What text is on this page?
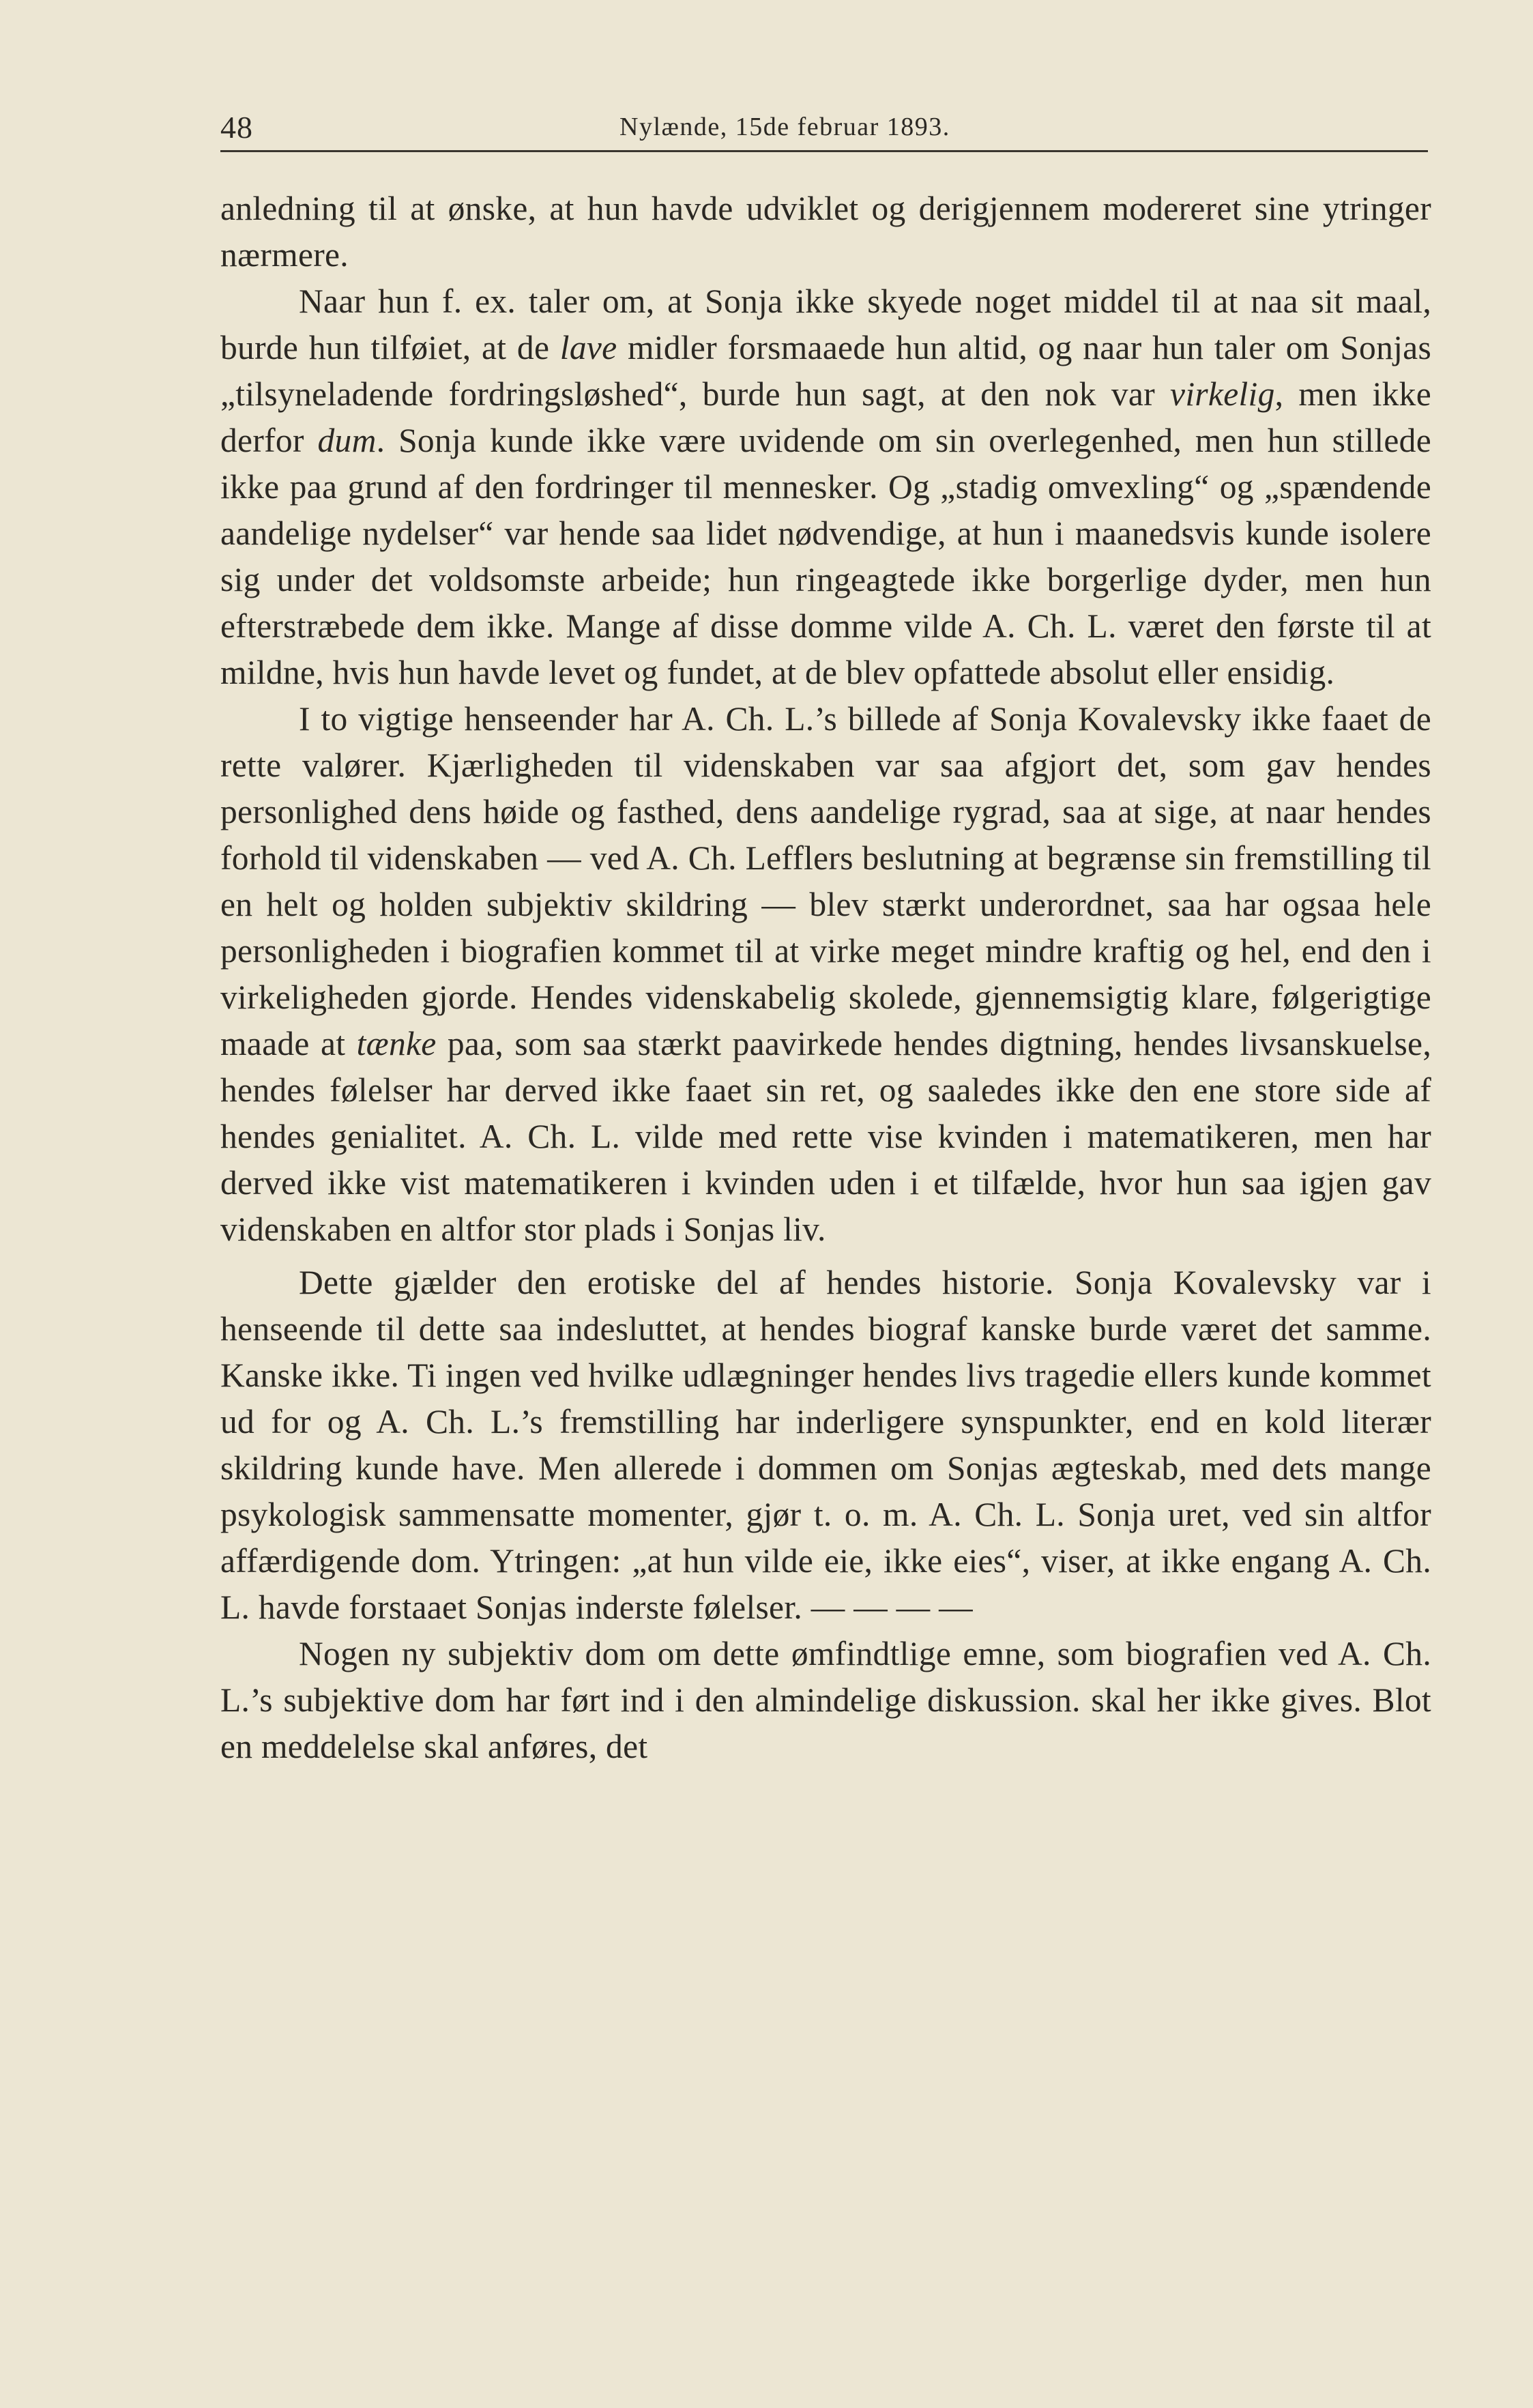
48	Nylænde, 15de februar 1893.

anledning til at ønske, at hun havde udviklet og derigjennem modereret sine ytringer nærmere.

Naar hun f. ex. taler om, at Sonja ikke skyede noget middel til at naa sit maal, burde hun tilføiet, at de lave midler forsmaaede hun altid, og naar hun taler om Sonjas „tilsyneladende fordringsløshed“, burde hun sagt, at den nok var virkelig, men ikke derfor dum. Sonja kunde ikke være uvidende om sin overlegenhed, men hun stillede ikke paa grund af den fordringer til mennesker. Og „stadig omvexling“ og „spændende aandelige nydelser“ var hende saa lidet nødvendige, at hun i maanedsvis kunde isolere sig under det voldsomste arbeide; hun ringeagtede ikke borgerlige dyder, men hun efterstræbede dem ikke. Mange af disse domme vilde A. Ch. L. været den første til at mildne, hvis hun havde levet og fundet, at de blev opfattede absolut eller ensidig.

I to vigtige henseender har A. Ch. L.’s billede af Sonja Kovalevsky ikke faaet de rette valører. Kjærligheden til videnskaben var saa afgjort det, som gav hendes personlighed dens høide og fasthed, dens aandelige rygrad, saa at sige, at naar hendes forhold til videnskaben — ved A. Ch. Lefflers beslutning at begrænse sin fremstilling til en helt og holden subjektiv skildring — blev stærkt underordnet, saa har ogsaa hele personligheden i biografien kommet til at virke meget mindre kraftig og hel, end den i virkeligheden gjorde. Hendes videnskabelig skolede, gjennemsigtig klare, følgerigtige maade at tænke paa, som saa stærkt paavirkede hendes digtning, hendes livsanskuelse, hendes følelser har derved ikke faaet sin ret, og saaledes ikke den ene store side af hendes genialitet. A. Ch. L. vilde med rette vise kvinden i matematikeren, men har derved ikke vist matematikeren i kvinden uden i et tilfælde, hvor hun saa igjen gav videnskaben en altfor stor plads i Sonjas liv.

Dette gjælder den erotiske del af hendes historie. Sonja Kovalevsky var i henseende til dette saa indesluttet, at hendes biograf kanske burde været det samme. Kanske ikke. Ti ingen ved hvilke udlægninger hendes livs tragedie ellers kunde kommet ud for og A. Ch. L.’s fremstilling har inderligere synspunkter, end en kold literær skildring kunde have. Men allerede i dommen om Sonjas ægteskab, med dets mange psykologisk sammensatte momenter, gjør t. o. m. A. Ch. L. Sonja uret, ved sin altfor affærdigende dom. Ytringen: „at hun vilde eie, ikke eies“, viser, at ikke engang A. Ch. L. havde forstaaet Sonjas inderste følelser. — — — —

Nogen ny subjektiv dom om dette ømfindtlige emne, som biografien ved A. Ch. L.’s subjektive dom har ført ind i den almindelige diskussion. skal her ikke gives. Blot en meddelelse skal anføres, det
